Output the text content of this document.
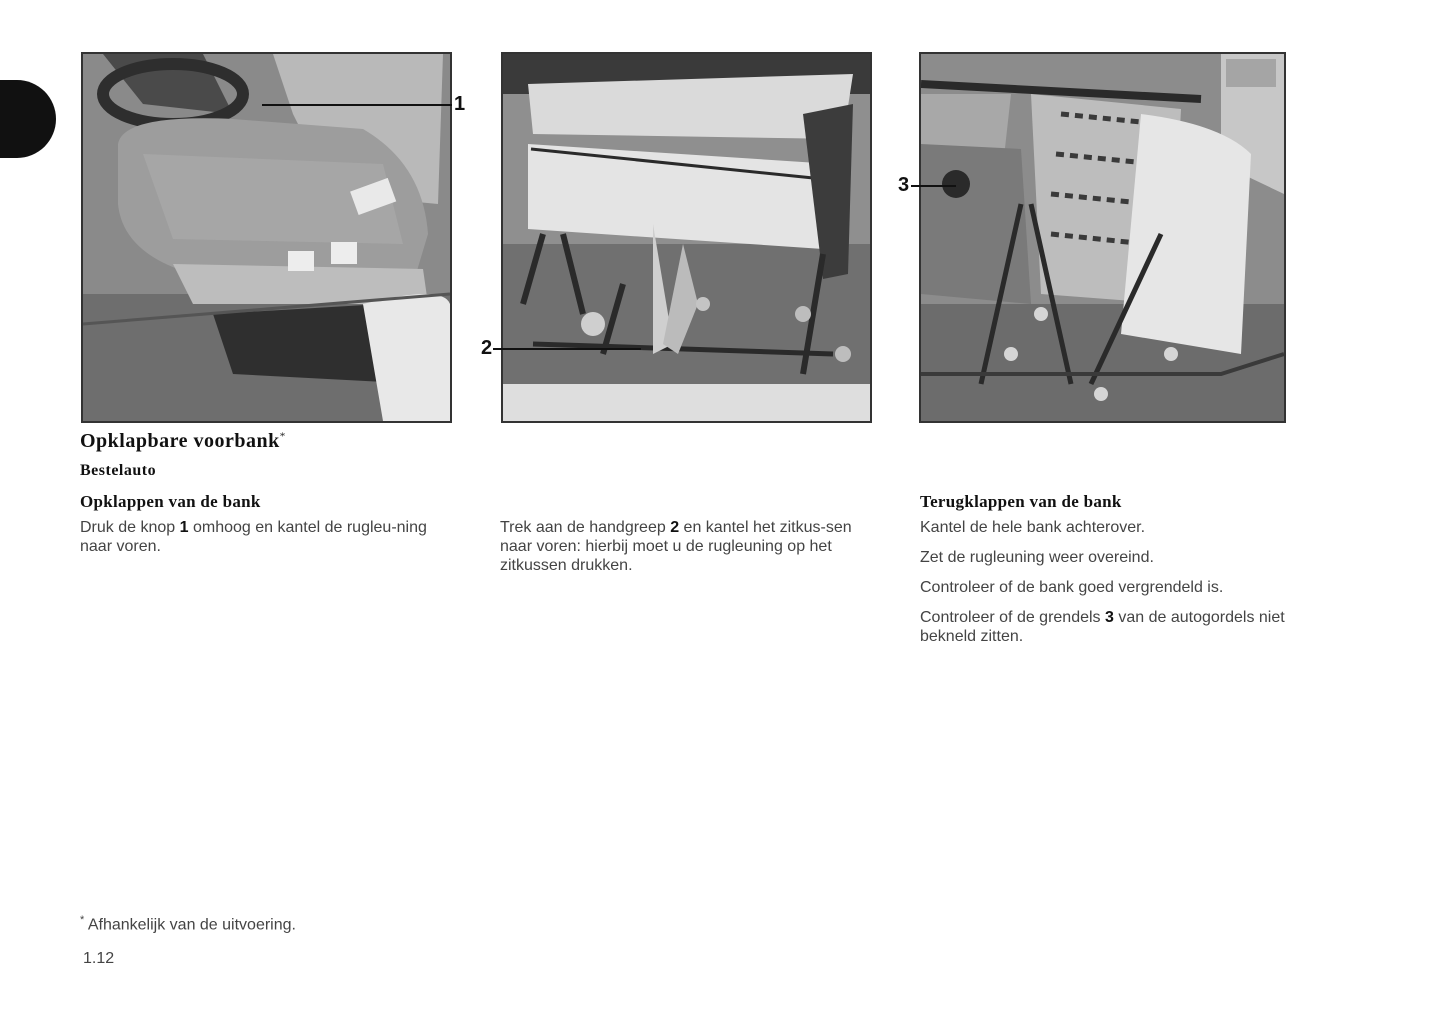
1
2
3
Opklapbare voorbank*
Bestelauto
Opklappen van de bank

Druk de knop 1 omhoog en kantel de rugleu-ning naar voren.

Trek aan de handgreep 2 en kantel het zitkus-sen naar voren: hierbij moet u de rugleuning op het zitkussen drukken.

Terugklappen van de bank

Kantel de hele bank achterover.

Zet de rugleuning weer overeind.

Controleer of de bank goed vergrendeld is.

Controleer of de grendels 3 van de autogordels niet bekneld zitten.

* Afhankelijk van de uitvoering.
1.12
